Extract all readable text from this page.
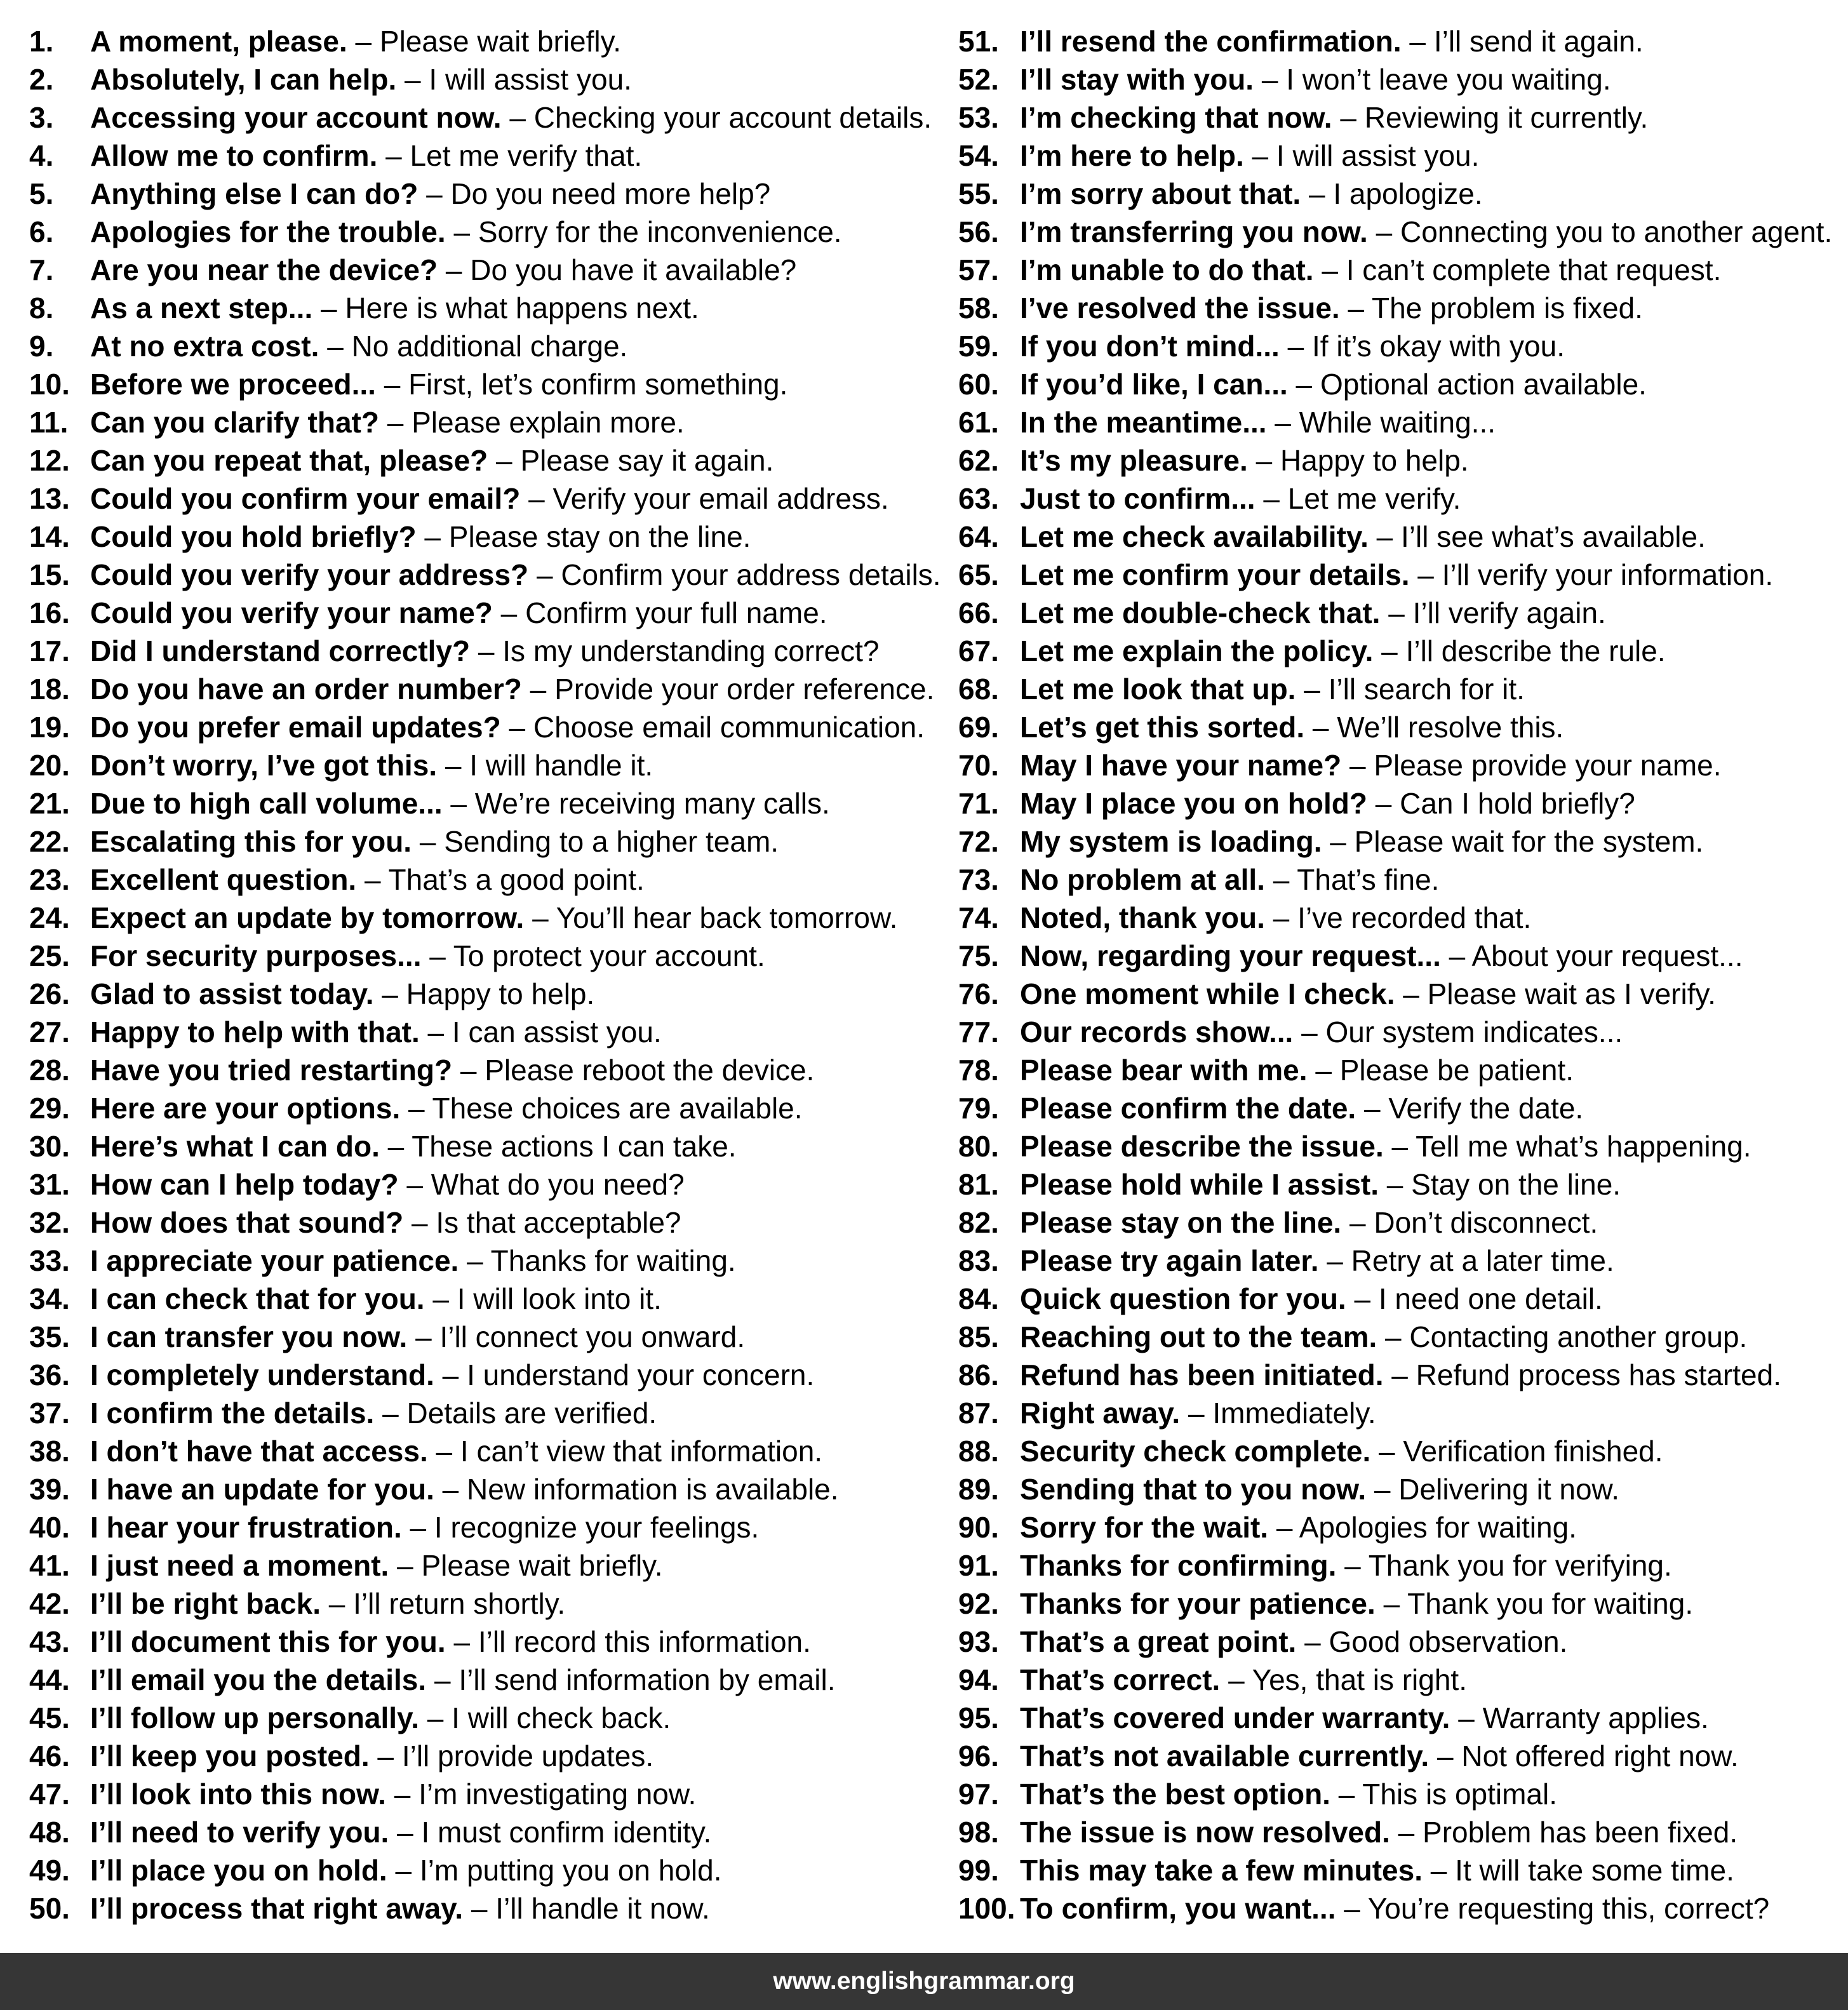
1. A moment, please. – Please wait briefly.
2. Absolutely, I can help. – I will assist you.
3. Accessing your account now. – Checking your account details.
4. Allow me to confirm. – Let me verify that.
5. Anything else I can do? – Do you need more help?
6. Apologies for the trouble. – Sorry for the inconvenience.
7. Are you near the device? – Do you have it available?
8. As a next step... – Here is what happens next.
9. At no extra cost. – No additional charge.
10. Before we proceed... – First, let’s confirm something.
11. Can you clarify that? – Please explain more.
12. Can you repeat that, please? – Please say it again.
13. Could you confirm your email? – Verify your email address.
14. Could you hold briefly? – Please stay on the line.
15. Could you verify your address? – Confirm your address details.
16. Could you verify your name? – Confirm your full name.
17. Did I understand correctly? – Is my understanding correct?
18. Do you have an order number? – Provide your order reference.
19. Do you prefer email updates? – Choose email communication.
20. Don’t worry, I’ve got this. – I will handle it.
21. Due to high call volume... – We’re receiving many calls.
22. Escalating this for you. – Sending to a higher team.
23. Excellent question. – That’s a good point.
24. Expect an update by tomorrow. – You’ll hear back tomorrow.
25. For security purposes... – To protect your account.
26. Glad to assist today. – Happy to help.
27. Happy to help with that. – I can assist you.
28. Have you tried restarting? – Please reboot the device.
29. Here are your options. – These choices are available.
30. Here’s what I can do. – These actions I can take.
31. How can I help today? – What do you need?
32. How does that sound? – Is that acceptable?
33. I appreciate your patience. – Thanks for waiting.
34. I can check that for you. – I will look into it.
35. I can transfer you now. – I’ll connect you onward.
36. I completely understand. – I understand your concern.
37. I confirm the details. – Details are verified.
38. I don’t have that access. – I can’t view that information.
39. I have an update for you. – New information is available.
40. I hear your frustration. – I recognize your feelings.
41. I just need a moment. – Please wait briefly.
42. I’ll be right back. – I’ll return shortly.
43. I’ll document this for you. – I’ll record this information.
44. I’ll email you the details. – I’ll send information by email.
45. I’ll follow up personally. – I will check back.
46. I’ll keep you posted. – I’ll provide updates.
47. I’ll look into this now. – I’m investigating now.
48. I’ll need to verify you. – I must confirm identity.
49. I’ll place you on hold. – I’m putting you on hold.
50. I’ll process that right away. – I’ll handle it now.
51. I’ll resend the confirmation. – I’ll send it again.
52. I’ll stay with you. – I won’t leave you waiting.
53. I’m checking that now. – Reviewing it currently.
54. I’m here to help. – I will assist you.
55. I’m sorry about that. – I apologize.
56. I’m transferring you now. – Connecting you to another agent.
57. I’m unable to do that. – I can’t complete that request.
58. I’ve resolved the issue. – The problem is fixed.
59. If you don’t mind... – If it’s okay with you.
60. If you’d like, I can... – Optional action available.
61. In the meantime... – While waiting...
62. It’s my pleasure. – Happy to help.
63. Just to confirm... – Let me verify.
64. Let me check availability. – I’ll see what’s available.
65. Let me confirm your details. – I’ll verify your information.
66. Let me double-check that. – I’ll verify again.
67. Let me explain the policy. – I’ll describe the rule.
68. Let me look that up. – I’ll search for it.
69. Let’s get this sorted. – We’ll resolve this.
70. May I have your name? – Please provide your name.
71. May I place you on hold? – Can I hold briefly?
72. My system is loading. – Please wait for the system.
73. No problem at all. – That’s fine.
74. Noted, thank you. – I’ve recorded that.
75. Now, regarding your request... – About your request...
76. One moment while I check. – Please wait as I verify.
77. Our records show... – Our system indicates...
78. Please bear with me. – Please be patient.
79. Please confirm the date. – Verify the date.
80. Please describe the issue. – Tell me what’s happening.
81. Please hold while I assist. – Stay on the line.
82. Please stay on the line. – Don’t disconnect.
83. Please try again later. – Retry at a later time.
84. Quick question for you. – I need one detail.
85. Reaching out to the team. – Contacting another group.
86. Refund has been initiated. – Refund process has started.
87. Right away. – Immediately.
88. Security check complete. – Verification finished.
89. Sending that to you now. – Delivering it now.
90. Sorry for the wait. – Apologies for waiting.
91. Thanks for confirming. – Thank you for verifying.
92. Thanks for your patience. – Thank you for waiting.
93. That’s a great point. – Good observation.
94. That’s correct. – Yes, that is right.
95. That’s covered under warranty. – Warranty applies.
96. That’s not available currently. – Not offered right now.
97. That’s the best option. – This is optimal.
98. The issue is now resolved. – Problem has been fixed.
99. This may take a few minutes. – It will take some time.
100. To confirm, you want... – You’re requesting this, correct?
www.englishgrammar.org
